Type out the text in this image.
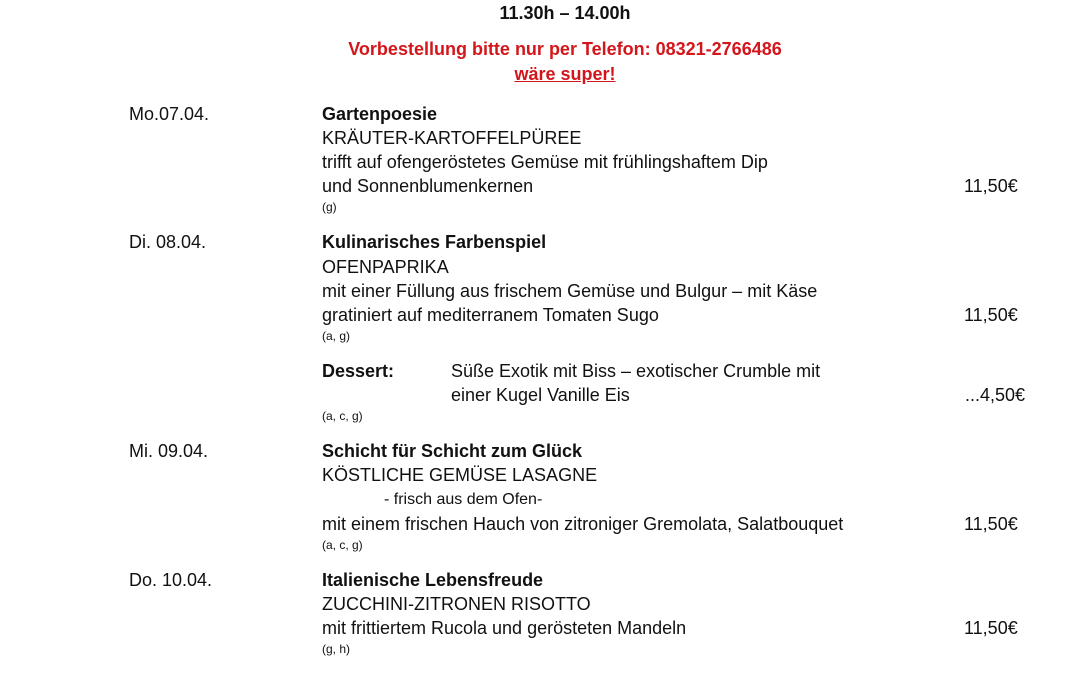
11.30h – 14.00h
Vorbestellung bitte nur per Telefon: 08321-2766486
wäre super!
Mo.07.04.	Gartenpoesie
KRÄUTER-KARTOFFELPÜREE
trifft auf ofengeröstetes Gemüse mit frühlingshaftem Dip
und Sonnenblumenkernen	11,50€
(g)
Di. 08.04.	Kulinarisches Farbenspiel
OFENPAPRIKA
mit einer Füllung aus frischem Gemüse und Bulgur – mit Käse
gratiniert auf mediterranem Tomaten Sugo	11,50€
(a, g)
Dessert:	Süße Exotik mit Biss – exotischer Crumble mit
einer Kugel Vanille Eis	...4,50€
(a, c, g)
Mi. 09.04.	Schicht für Schicht zum Glück
KÖSTLICHE GEMÜSE LASAGNE
- frisch aus dem Ofen-
mit einem frischen Hauch von zitroniger Gremolata, Salatbouquet	11,50€
(a, c, g)
Do. 10.04.	Italienische Lebensfreude
ZUCCHINI-ZITRONEN RISOTTO
mit frittiertem Rucola und gerösteten Mandeln	11,50€
(g, h)
